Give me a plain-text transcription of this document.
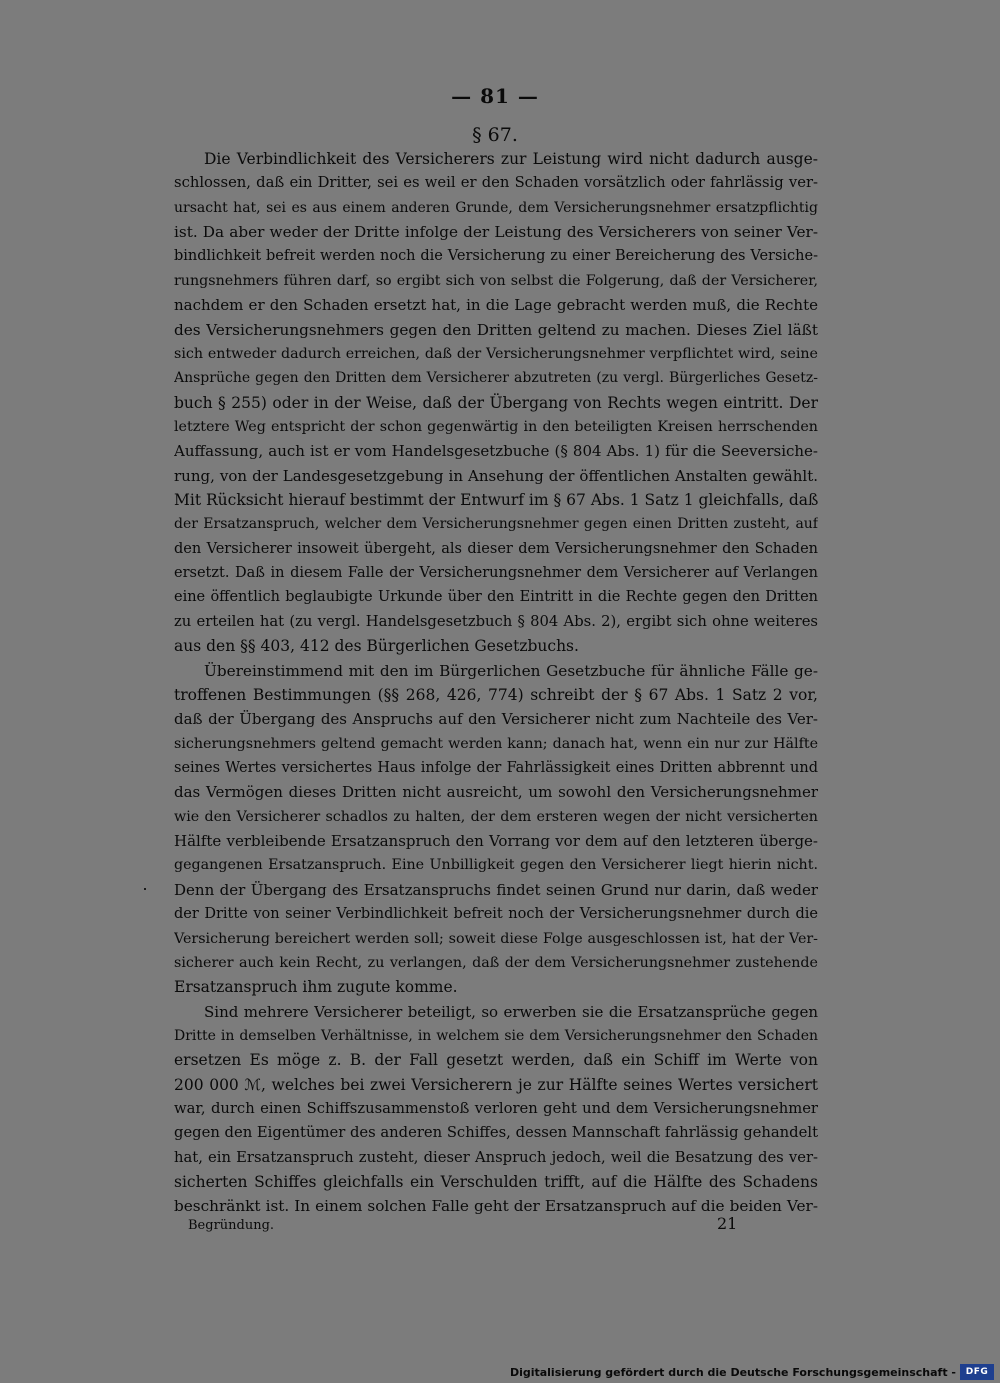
— 81 —
§ 67.
Die Verbindlichkeit des Versicherers zur Leistung wird nicht dadurch ausge-
schlossen, daß ein Dritter, sei es weil er den Schaden vorsätzlich oder fahrlässig ver-
ursacht hat, sei es aus einem anderen Grunde, dem Versicherungsnehmer ersatzpflichtig
ist. Da aber weder der Dritte infolge der Leistung des Versicherers von seiner Ver-
bindlichkeit befreit werden noch die Versicherung zu einer Bereicherung des Versiche-
rungsnehmers führen darf, so ergibt sich von selbst die Folgerung, daß der Versicherer,
nachdem er den Schaden ersetzt hat, in die Lage gebracht werden muß, die Rechte
des Versicherungsnehmers gegen den Dritten geltend zu machen. Dieses Ziel läßt
sich entweder dadurch erreichen, daß der Versicherungsnehmer verpflichtet wird, seine
Ansprüche gegen den Dritten dem Versicherer abzutreten (zu vergl. Bürgerliches Gesetz-
buch § 255) oder in der Weise, daß der Übergang von Rechts wegen eintritt. Der
letztere Weg entspricht der schon gegenwärtig in den beteiligten Kreisen herrschenden
Auffassung, auch ist er vom Handelsgesetzbuche (§ 804 Abs. 1) für die Seeversiche-
rung, von der Landesgesetzgebung in Ansehung der öffentlichen Anstalten gewählt.
Mit Rücksicht hierauf bestimmt der Entwurf im § 67 Abs. 1 Satz 1 gleichfalls, daß
der Ersatzanspruch, welcher dem Versicherungsnehmer gegen einen Dritten zusteht, auf
den Versicherer insoweit übergeht, als dieser dem Versicherungsnehmer den Schaden
ersetzt. Daß in diesem Falle der Versicherungsnehmer dem Versicherer auf Verlangen
eine öffentlich beglaubigte Urkunde über den Eintritt in die Rechte gegen den Dritten
zu erteilen hat (zu vergl. Handelsgesetzbuch § 804 Abs. 2), ergibt sich ohne weiteres
aus den §§ 403, 412 des Bürgerlichen Gesetzbuchs.
Übereinstimmend mit den im Bürgerlichen Gesetzbuche für ähnliche Fälle ge-
troffenen Bestimmungen (§§ 268, 426, 774) schreibt der § 67 Abs. 1 Satz 2 vor,
daß der Übergang des Anspruchs auf den Versicherer nicht zum Nachteile des Ver-
sicherungsnehmers geltend gemacht werden kann; danach hat, wenn ein nur zur Hälfte
seines Wertes versichertes Haus infolge der Fahrlässigkeit eines Dritten abbrennt und
das Vermögen dieses Dritten nicht ausreicht, um sowohl den Versicherungsnehmer
wie den Versicherer schadlos zu halten, der dem ersteren wegen der nicht versicherten
Hälfte verbleibende Ersatzanspruch den Vorrang vor dem auf den letzteren überge-
gegangenen Ersatzanspruch. Eine Unbilligkeit gegen den Versicherer liegt hierin nicht.
Denn der Übergang des Ersatzanspruchs findet seinen Grund nur darin, daß weder
der Dritte von seiner Verbindlichkeit befreit noch der Versicherungsnehmer durch die
Versicherung bereichert werden soll; soweit diese Folge ausgeschlossen ist, hat der Ver-
sicherer auch kein Recht, zu verlangen, daß der dem Versicherungsnehmer zustehende
Ersatzanspruch ihm zugute komme.
Sind mehrere Versicherer beteiligt, so erwerben sie die Ersatzansprüche gegen
Dritte in demselben Verhältnisse, in welchem sie dem Versicherungsnehmer den Schaden
ersetzen Es möge z. B. der Fall gesetzt werden, daß ein Schiff im Werte von
200 000 ℳ, welches bei zwei Versicherern je zur Hälfte seines Wertes versichert
war, durch einen Schiffszusammenstoß verloren geht und dem Versicherungsnehmer
gegen den Eigentümer des anderen Schiffes, dessen Mannschaft fahrlässig gehandelt
hat, ein Ersatzanspruch zusteht, dieser Anspruch jedoch, weil die Besatzung des ver-
sicherten Schiffes gleichfalls ein Verschulden trifft, auf die Hälfte des Schadens
beschränkt ist. In einem solchen Falle geht der Ersatzanspruch auf die beiden Ver-
Begründung.	21
Digitalisierung gefördert durch die Deutsche Forschungsgemeinschaft -	DFG
